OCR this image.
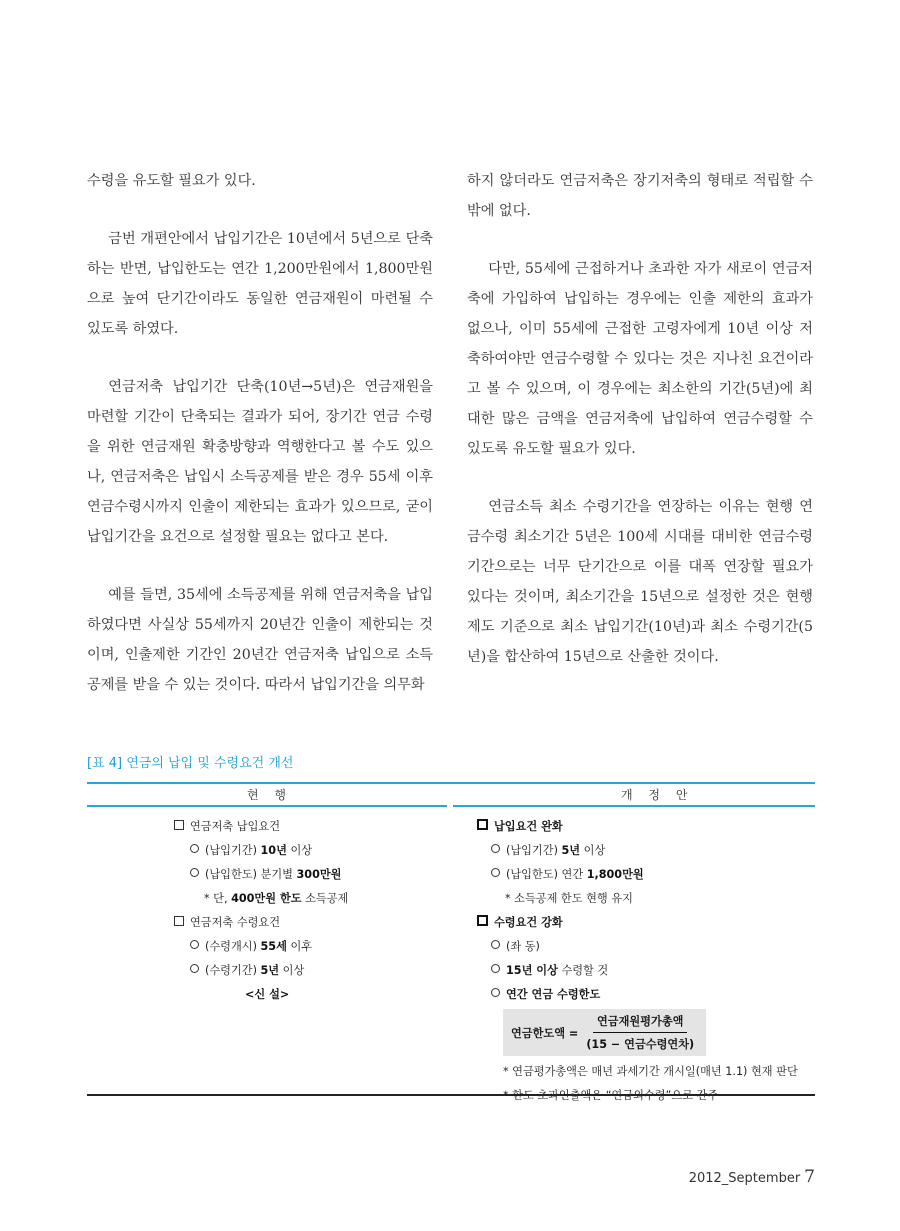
수령을 유도할 필요가 있다.

금번 개편안에서 납입기간은 10년에서 5년으로 단축하는 반면, 납입한도는 연간 1,200만원에서 1,800만원으로 높여 단기간이라도 동일한 연금재원이 마련될 수 있도록 하였다.

연금저축 납입기간 단축(10년→5년)은 연금재원을 마련할 기간이 단축되는 결과가 되어, 장기간 연금 수령을 위한 연금재원 확충방향과 역행한다고 볼 수도 있으나, 연금저축은 납입시 소득공제를 받은 경우 55세 이후 연금수령시까지 인출이 제한되는 효과가 있으므로, 굳이 납입기간을 요건으로 설정할 필요는 없다고 본다.

예를 들면, 35세에 소득공제를 위해 연금저축을 납입하였다면 사실상 55세까지 20년간 인출이 제한되는 것이며, 인출제한 기간인 20년간 연금저축 납입으로 소득공제를 받을 수 있는 것이다. 따라서 납입기간을 의무화

하지 않더라도 연금저축은 장기저축의 형태로 적립할 수밖에 없다.

다만, 55세에 근접하거나 초과한 자가 새로이 연금저축에 가입하여 납입하는 경우에는 인출 제한의 효과가 없으나, 이미 55세에 근접한 고령자에게 10년 이상 저축하여야만 연금수령할 수 있다는 것은 지나친 요건이라고 볼 수 있으며, 이 경우에는 최소한의 기간(5년)에 최대한 많은 금액을 연금저축에 납입하여 연금수령할 수 있도록 유도할 필요가 있다.

연금소득 최소 수령기간을 연장하는 이유는 현행 연금수령 최소기간 5년은 100세 시대를 대비한 연금수령 기간으로는 너무 단기간으로 이를 대폭 연장할 필요가 있다는 것이며, 최소기간을 15년으로 설정한 것은 현행제도 기준으로 최소 납입기간(10년)과 최소 수령기간(5년)을 합산하여 15년으로 산출한 것이다.

[표 4] 연금의 납입 및 수령요건 개선
현 행	개 정 안
연금저축 납입요건
(납입기간) 10년 이상
(납입한도) 분기별 300만원
* 단, 400만원 한도 소득공제
연금저축 수령요건
(수령개시) 55세 이후
(수령기간) 5년 이상
<신 설>
납입요건 완화
(납입기간) 5년 이상
(납입한도) 연간 1,800만원
* 소득공제 한도 현행 유지
수령요건 강화
(좌 동)
15년 이상 수령할 것
연간 연금 수령한도
연금한도액 = $\frac{\text{연금재원평가총액}}{\text{(15 − 연금수령연차)}}$
* 연금평가총액은 매년 과세기간 개시일(매년 1.1) 현재 판단
2012_September 7
